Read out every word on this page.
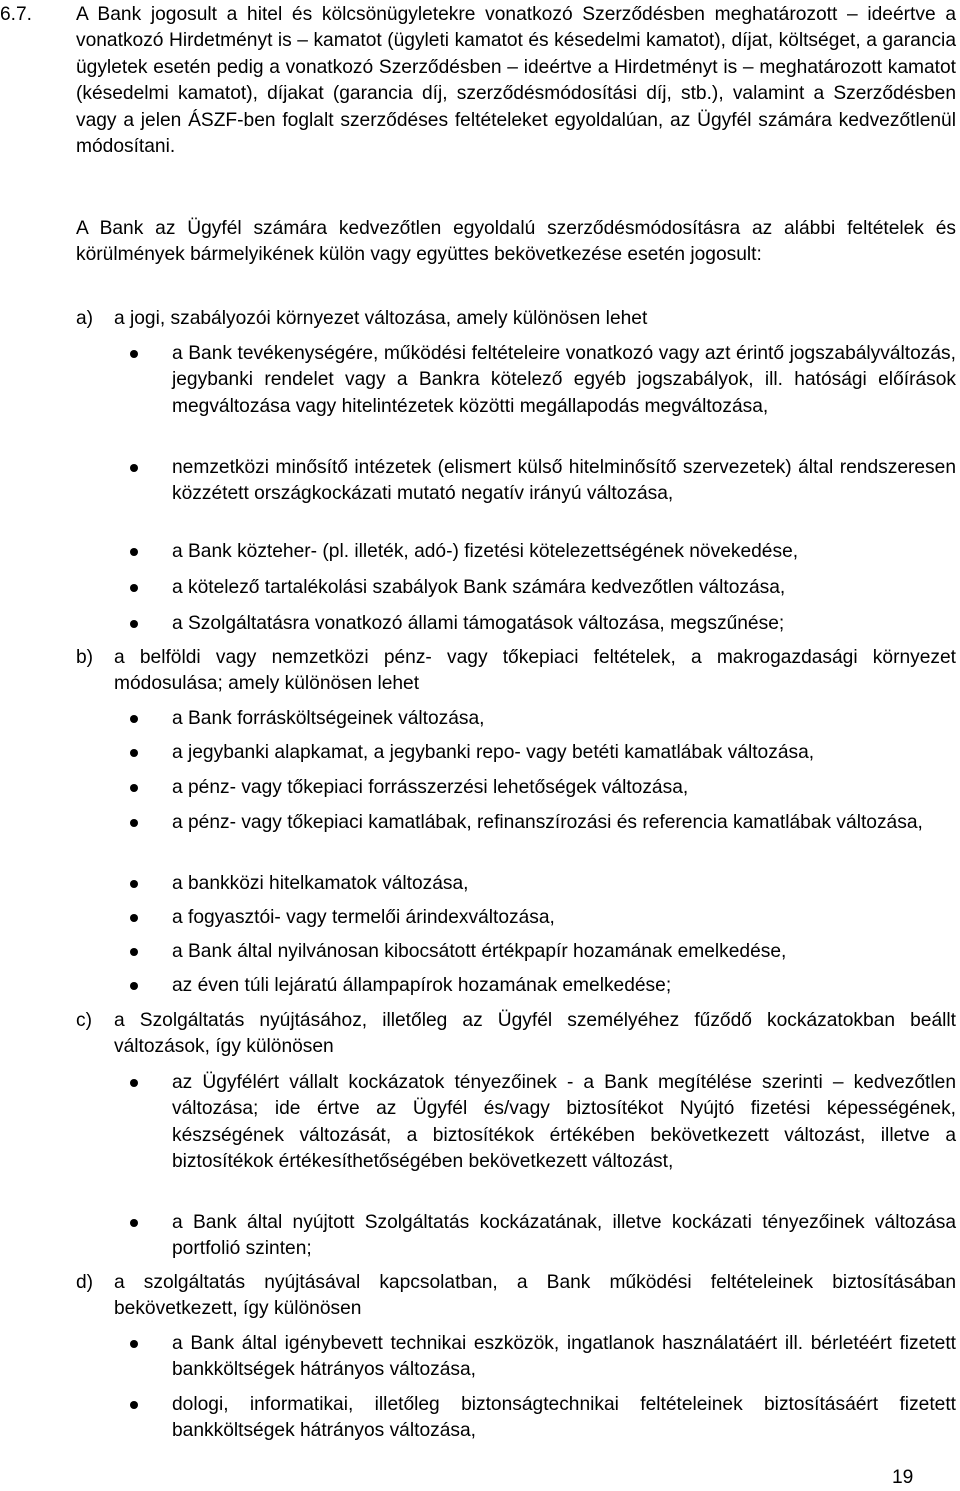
6.7. A Bank jogosult a hitel és kölcsönügyletekre vonatkozó Szerződésben meghatározott – ideértve a vonatkozó Hirdetményt is – kamatot (ügyleti kamatot és késedelmi kamatot), díjat, költséget, a garancia ügyletek esetén pedig a vonatkozó Szerződésben – ideértve a Hirdetményt is – meghatározott kamatot (késedelmi kamatot), díjakat (garancia díj, szerződésmódosítási díj, stb.), valamint a Szerződésben vagy a jelen ÁSZF-ben foglalt szerződéses feltételeket egyoldalúan, az Ügyfél számára kedvezőtlenül módosítani.
A Bank az Ügyfél számára kedvezőtlen egyoldalú szerződésmódosításra az alábbi feltételek és körülmények bármelyikének külön vagy együttes bekövetkezése esetén jogosult:
a) a jogi, szabályozói környezet változása, amely különösen lehet
a Bank tevékenységére, működési feltételeire vonatkozó vagy azt érintő jogszabályváltozás, jegybanki rendelet vagy a Bankra kötelező egyéb jogszabályok, ill. hatósági előírások megváltozása vagy hitelintézetek közötti megállapodás megváltozása,
nemzetközi minősítő intézetek (elismert külső hitelminősítő szervezetek) által rendszeresen közzétett országkockázati mutató negatív irányú változása,
a Bank közteher- (pl. illeték, adó-) fizetési kötelezettségének növekedése,
a kötelező tartalékolási szabályok Bank számára kedvezőtlen változása,
a Szolgáltatásra vonatkozó állami támogatások változása, megszűnése;
b) a belföldi vagy nemzetközi pénz- vagy tőkepiaci feltételek, a makrogazdasági környezet módosulása; amely különösen lehet
a Bank forrásköltségeinek változása,
a jegybanki alapkamat, a jegybanki repo- vagy betéti kamatlábak változása,
a pénz- vagy tőkepiaci forrásszerzési lehetőségek változása,
a pénz- vagy tőkepiaci kamatlábak, refinanszírozási és referencia kamatlábak változása,
a bankközi hitelkamatok változása,
a fogyasztói- vagy termelői árindexváltozása,
a Bank által nyilvánosan kibocsátott értékpapír hozamának emelkedése,
az éven túli lejáratú állampapírok hozamának emelkedése;
c) a Szolgáltatás nyújtásához, illetőleg az Ügyfél személyéhez fűződő kockázatokban beállt változások, így különösen
az Ügyfélért vállalt kockázatok tényezőinek - a Bank megítélése szerinti – kedvezőtlen változása; ide értve az Ügyfél és/vagy biztosítékot Nyújtó fizetési képességének, készségének változását, a biztosítékok értékében bekövetkezett változást, illetve a biztosítékok értékesíthetőségében bekövetkezett változást,
a Bank által nyújtott Szolgáltatás kockázatának, illetve kockázati tényezőinek változása portfolió szinten;
d) a szolgáltatás nyújtásával kapcsolatban, a Bank működési feltételeinek biztosításában bekövetkezett, így különösen
a Bank által igénybevett technikai eszközök, ingatlanok használatáért ill. bérletéért fizetett bankköltségek hátrányos változása,
dologi, informatikai, illetőleg biztonságtechnikai feltételeinek biztosításáért fizetett bankköltségek hátrányos változása,
19
